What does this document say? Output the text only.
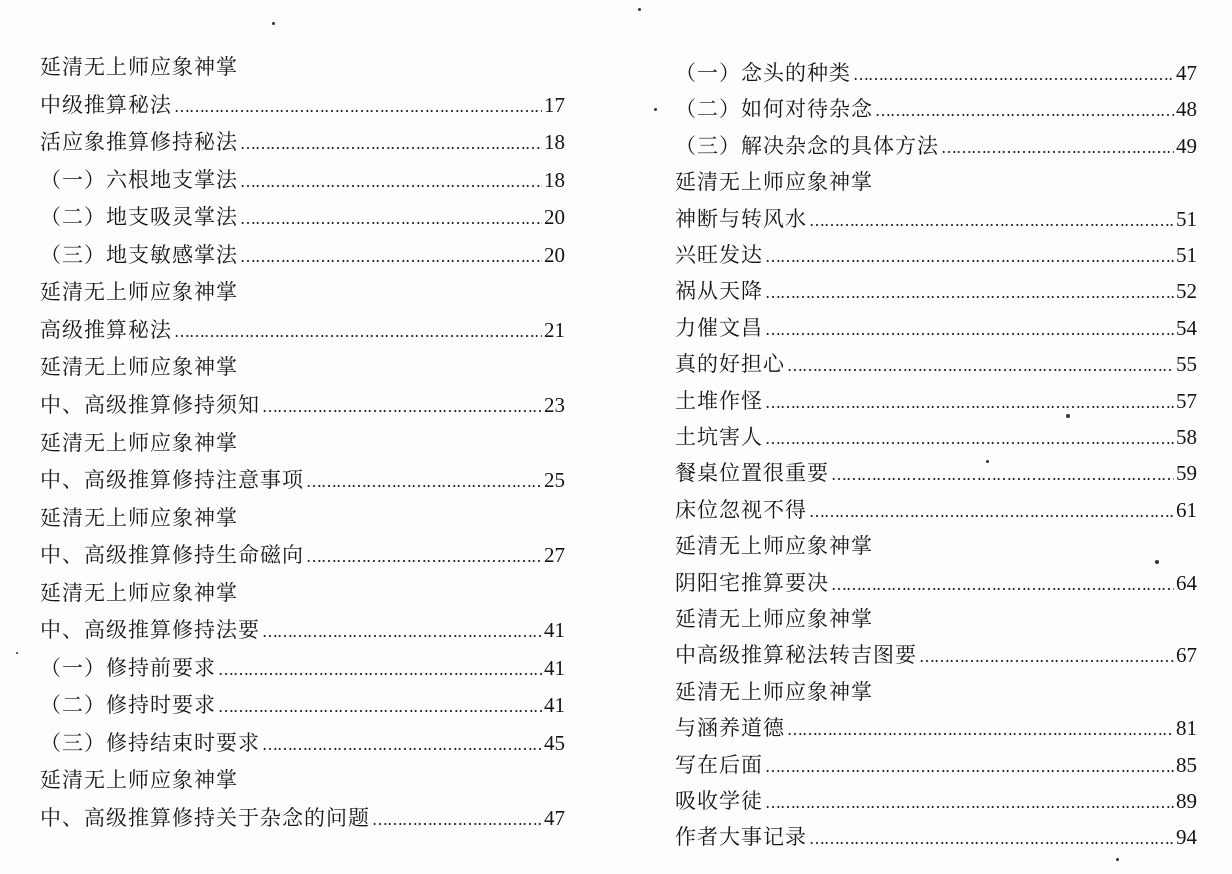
延清无上师应象神掌
中级推算秘法 …………………………………………………………………………………………………………………………………………	17
活应象推算修持秘法 …………………………………………………………………………………………………………………………………………	18
（一）六根地支掌法 …………………………………………………………………………………………………………………………………………	18
（二）地支吸灵掌法 …………………………………………………………………………………………………………………………………………	20
（三）地支敏感掌法 …………………………………………………………………………………………………………………………………………	20
延清无上师应象神掌
高级推算秘法 …………………………………………………………………………………………………………………………………………	21
延清无上师应象神掌
中、高级推算修持须知 …………………………………………………………………………………………………………………………………………	23
延清无上师应象神掌
中、高级推算修持注意事项 …………………………………………………………………………………………………………………………………………	25
延清无上师应象神掌
中、高级推算修持生命磁向 …………………………………………………………………………………………………………………………………………	27
延清无上师应象神掌
中、高级推算修持法要 …………………………………………………………………………………………………………………………………………	41
（一）修持前要求 …………………………………………………………………………………………………………………………………………	41
（二）修持时要求 …………………………………………………………………………………………………………………………………………	41
（三）修持结束时要求 …………………………………………………………………………………………………………………………………………	45
延清无上师应象神掌
中、高级推算修持关于杂念的问题 …………………………………………………………………………………………………………………………………………	47
（一）念头的种类 …………………………………………………………………………………………………………………………………………	47
（二）如何对待杂念 …………………………………………………………………………………………………………………………………………	48
（三）解决杂念的具体方法 …………………………………………………………………………………………………………………………………………	49
延清无上师应象神掌
神断与转风水 …………………………………………………………………………………………………………………………………………	51
兴旺发达 …………………………………………………………………………………………………………………………………………	51
祸从天降 …………………………………………………………………………………………………………………………………………	52
力催文昌 …………………………………………………………………………………………………………………………………………	54
真的好担心 …………………………………………………………………………………………………………………………………………	55
土堆作怪 …………………………………………………………………………………………………………………………………………	57
土坑害人 …………………………………………………………………………………………………………………………………………	58
餐桌位置很重要 …………………………………………………………………………………………………………………………………………	59
床位忽视不得 …………………………………………………………………………………………………………………………………………	61
延清无上师应象神掌
阴阳宅推算要决 …………………………………………………………………………………………………………………………………………	64
延清无上师应象神掌
中高级推算秘法转吉图要 …………………………………………………………………………………………………………………………………………	67
延清无上师应象神掌
与涵养道德 …………………………………………………………………………………………………………………………………………	81
写在后面 …………………………………………………………………………………………………………………………………………	85
吸收学徒 …………………………………………………………………………………………………………………………………………	89
作者大事记录 …………………………………………………………………………………………………………………………………………	94
